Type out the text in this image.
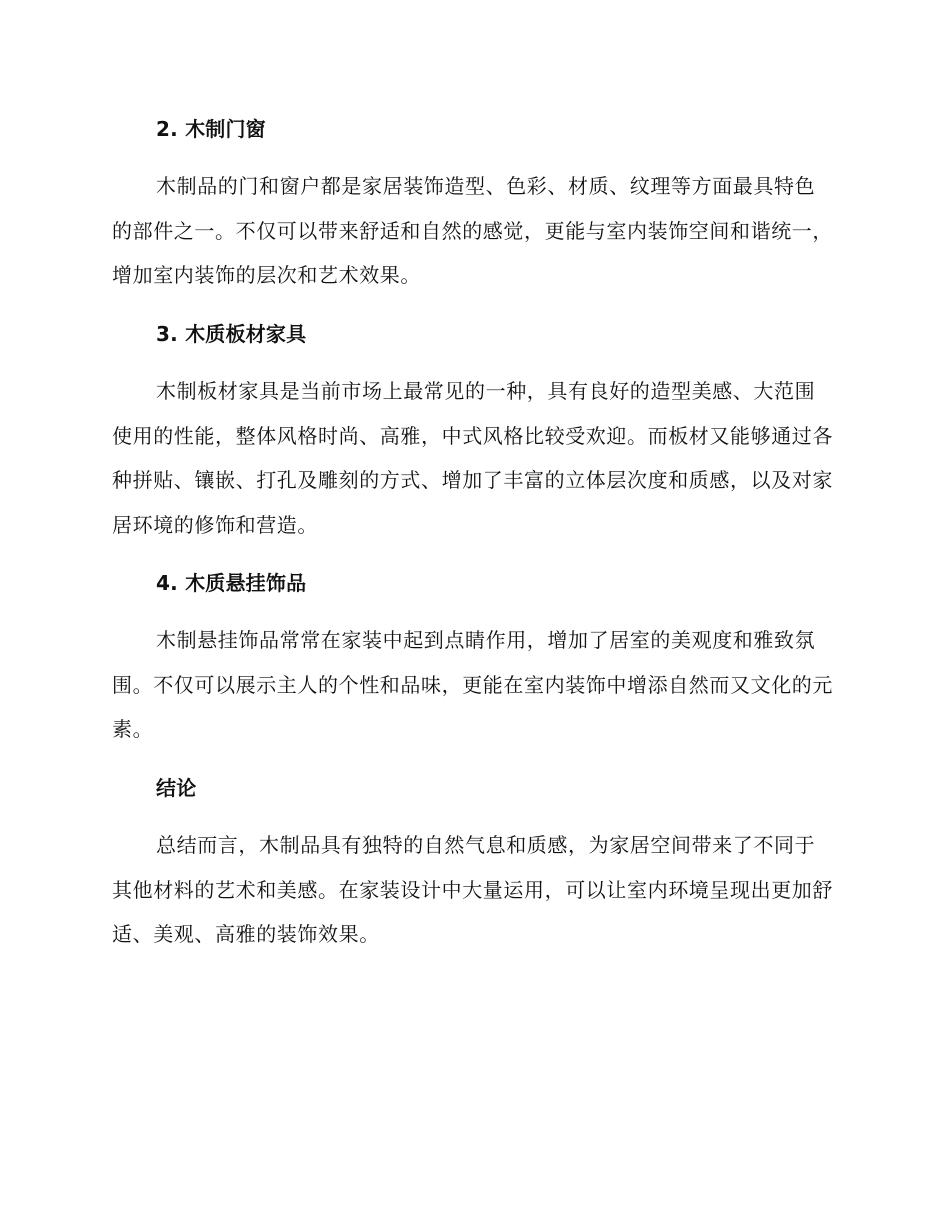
2. 木制门窗

木制品的门和窗户都是家居装饰造型、色彩、材质、纹理等方面最具特色的部件之一。不仅可以带来舒适和自然的感觉，更能与室内装饰空间和谐统一，增加室内装饰的层次和艺术效果。

3. 木质板材家具

木制板材家具是当前市场上最常见的一种，具有良好的造型美感、大范围使用的性能，整体风格时尚、高雅，中式风格比较受欢迎。而板材又能够通过各种拼贴、镶嵌、打孔及雕刻的方式、增加了丰富的立体层次度和质感，以及对家居环境的修饰和营造。

4. 木质悬挂饰品

木制悬挂饰品常常在家装中起到点睛作用，增加了居室的美观度和雅致氛围。不仅可以展示主人的个性和品味，更能在室内装饰中增添自然而又文化的元素。

结论

总结而言，木制品具有独特的自然气息和质感，为家居空间带来了不同于其他材料的艺术和美感。在家装设计中大量运用，可以让室内环境呈现出更加舒适、美观、高雅的装饰效果。
